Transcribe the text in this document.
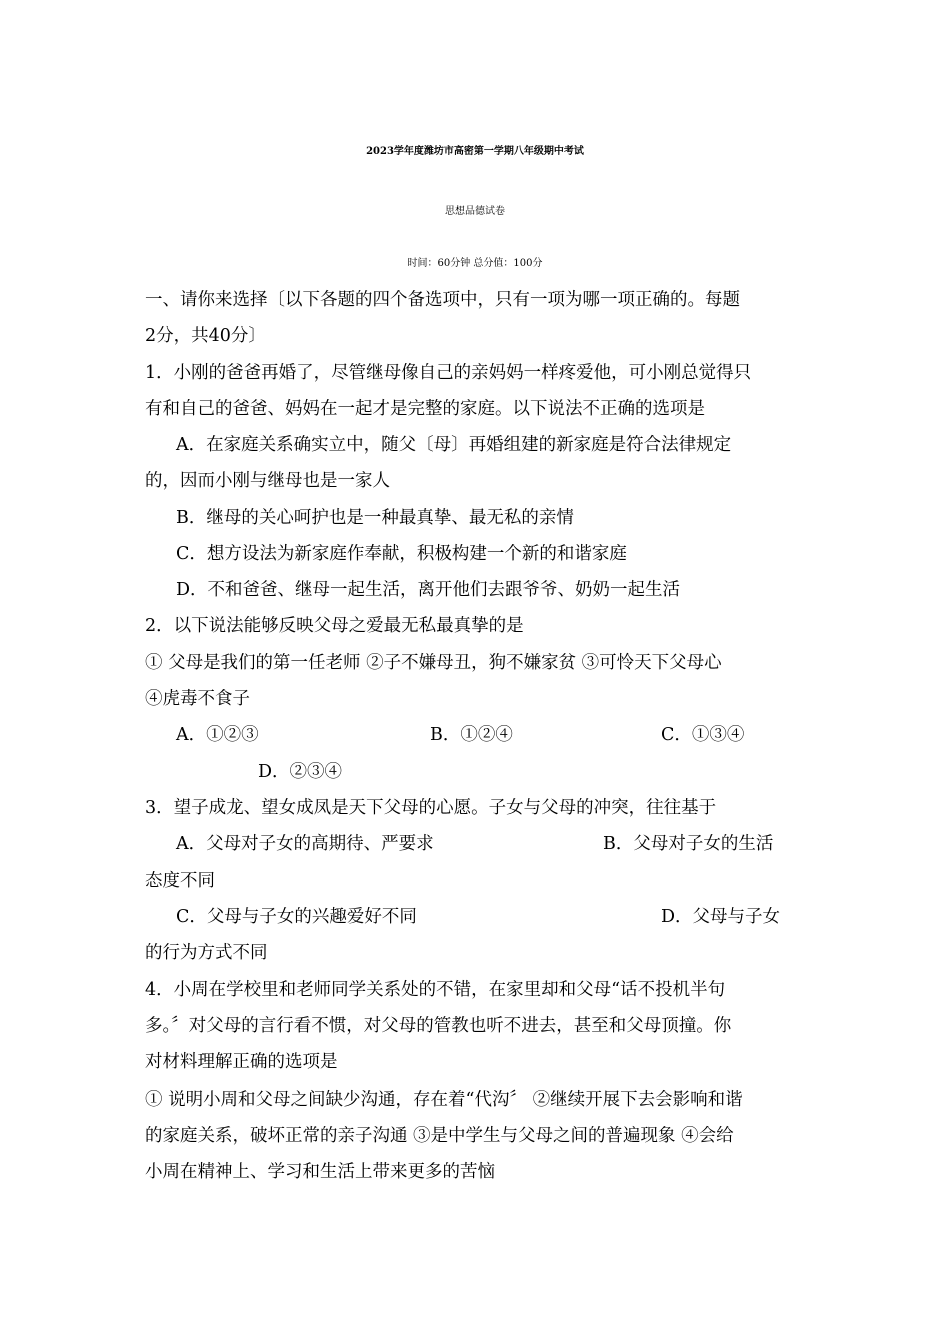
2023学年度潍坊市高密第一学期八年级期中考试
思想品德试卷
时间：60分钟 总分值：100分
一、请你来选择〔以下各题的四个备选项中，只有一项为哪一项正确的。每题
2分，共40分〕
1．小刚的爸爸再婚了，尽管继母像自己的亲妈妈一样疼爱他，可小刚总觉得只
有和自己的爸爸、妈妈在一起才是完整的家庭。以下说法不正确的选项是
A．在家庭关系确实立中，随父〔母〕再婚组建的新家庭是符合法律规定
的，因而小刚与继母也是一家人
B．继母的关心呵护也是一种最真挚、最无私的亲情
C．想方设法为新家庭作奉献，积极构建一个新的和谐家庭
D．不和爸爸、继母一起生活，离开他们去跟爷爷、奶奶一起生活
2．以下说法能够反映父母之爱最无私最真挚的是
① 父母是我们的第一任老师 ②子不嫌母丑，狗不嫌家贫 ③可怜天下父母心
④虎毒不食子
A．①②③	B．①②④	C．①③④
D．②③④
3．望子成龙、望女成凤是天下父母的心愿。子女与父母的冲突，往往基于
A．父母对子女的高期待、严要求	B．父母对子女的生活
态度不同
C．父母与子女的兴趣爱好不同	D．父母与子女
的行为方式不同
4．小周在学校里和老师同学关系处的不错，在家里却和父母“话不投机半句
多。〞对父母的言行看不惯，对父母的管教也听不进去，甚至和父母顶撞。你
对材料理解正确的选项是
① 说明小周和父母之间缺少沟通，存在着“代沟〞 ②继续开展下去会影响和谐
的家庭关系，破坏正常的亲子沟通 ③是中学生与父母之间的普遍现象 ④会给
小周在精神上、学习和生活上带来更多的苦恼
